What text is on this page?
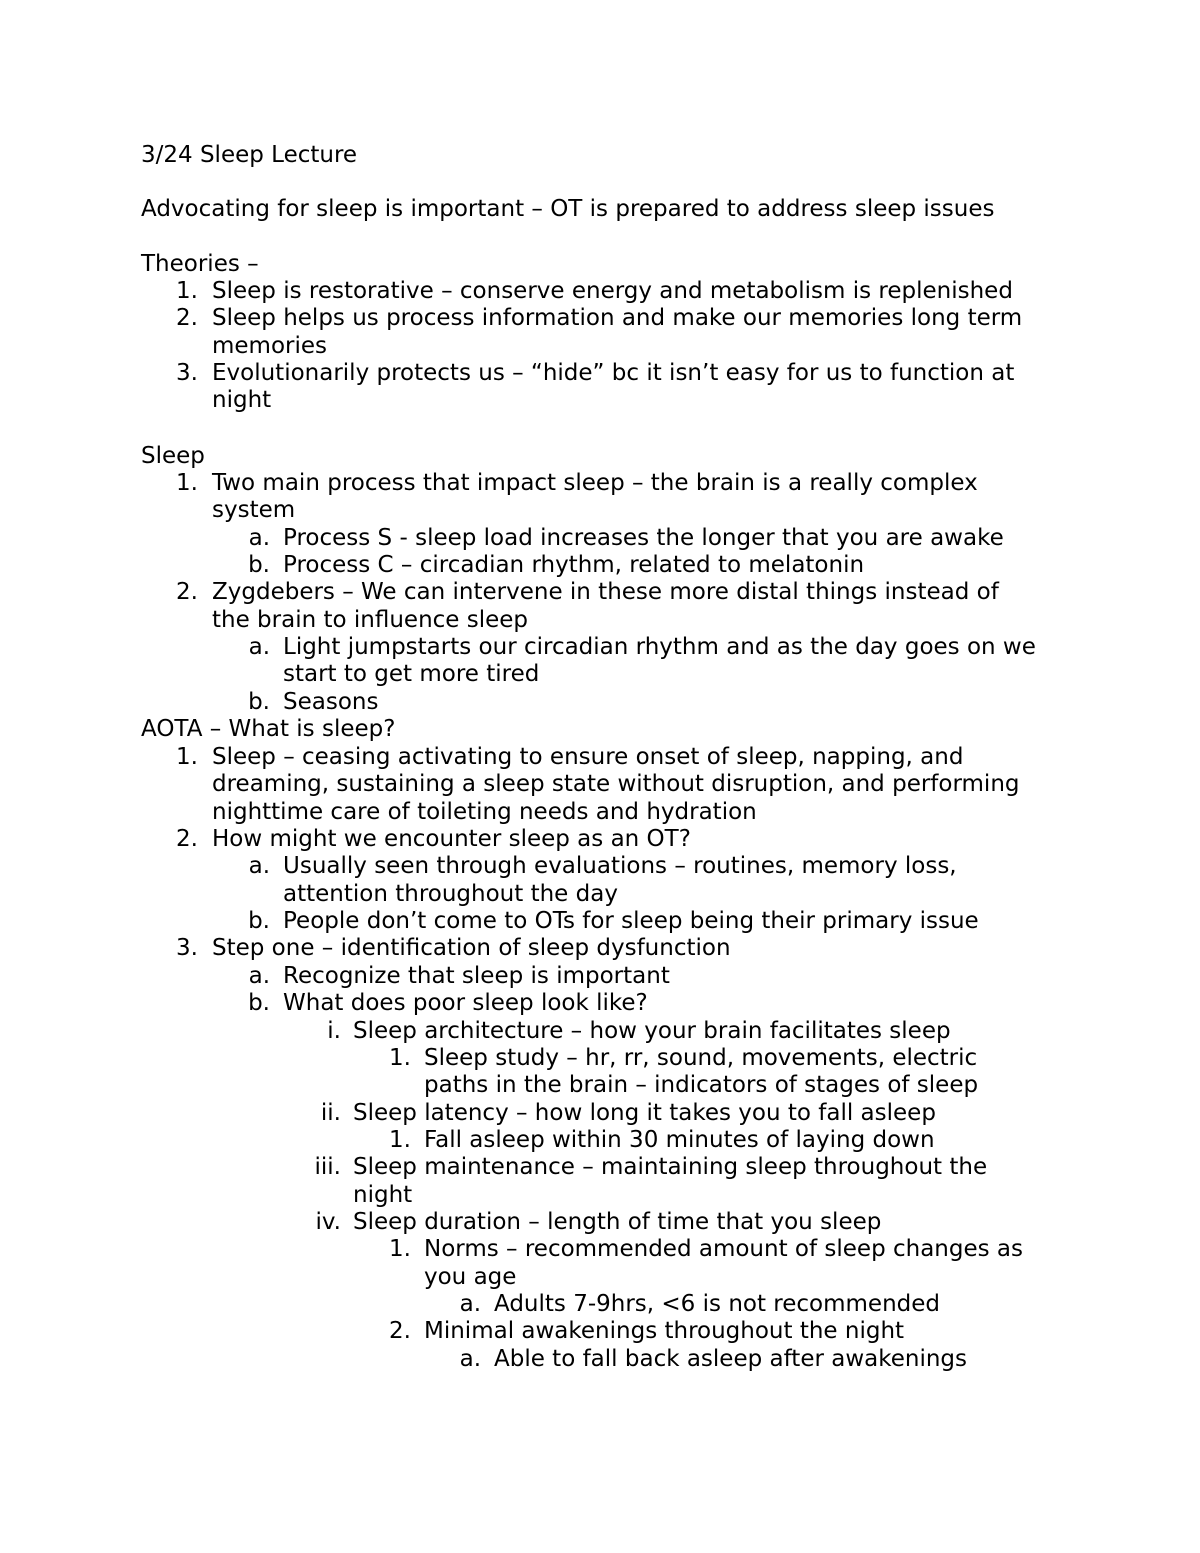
3/24 Sleep Lecture
Advocating for sleep is important – OT is prepared to address sleep issues
Theories –
1. Sleep is restorative – conserve energy and metabolism is replenished
2. Sleep helps us process information and make our memories long term
memories
3. Evolutionarily protects us – “hide” bc it isn’t easy for us to function at
night
Sleep
1. Two main process that impact sleep – the brain is a really complex
system
a. Process S - sleep load increases the longer that you are awake
b. Process C – circadian rhythm, related to melatonin
2. Zygdebers – We can intervene in these more distal things instead of
the brain to influence sleep
a. Light jumpstarts our circadian rhythm and as the day goes on we
start to get more tired
b. Seasons
AOTA – What is sleep?
1. Sleep – ceasing activating to ensure onset of sleep, napping, and
dreaming, sustaining a sleep state without disruption, and performing
nighttime care of toileting needs and hydration
2. How might we encounter sleep as an OT?
a. Usually seen through evaluations – routines, memory loss,
attention throughout the day
b. People don’t come to OTs for sleep being their primary issue
3. Step one – identification of sleep dysfunction
a. Recognize that sleep is important
b. What does poor sleep look like?
i. Sleep architecture – how your brain facilitates sleep
1. Sleep study – hr, rr, sound, movements, electric
paths in the brain – indicators of stages of sleep
ii. Sleep latency – how long it takes you to fall asleep
1. Fall asleep within 30 minutes of laying down
iii. Sleep maintenance – maintaining sleep throughout the
night
iv. Sleep duration – length of time that you sleep
1. Norms – recommended amount of sleep changes as
you age
a. Adults 7-9hrs, <6 is not recommended
2. Minimal awakenings throughout the night
a. Able to fall back asleep after awakenings
